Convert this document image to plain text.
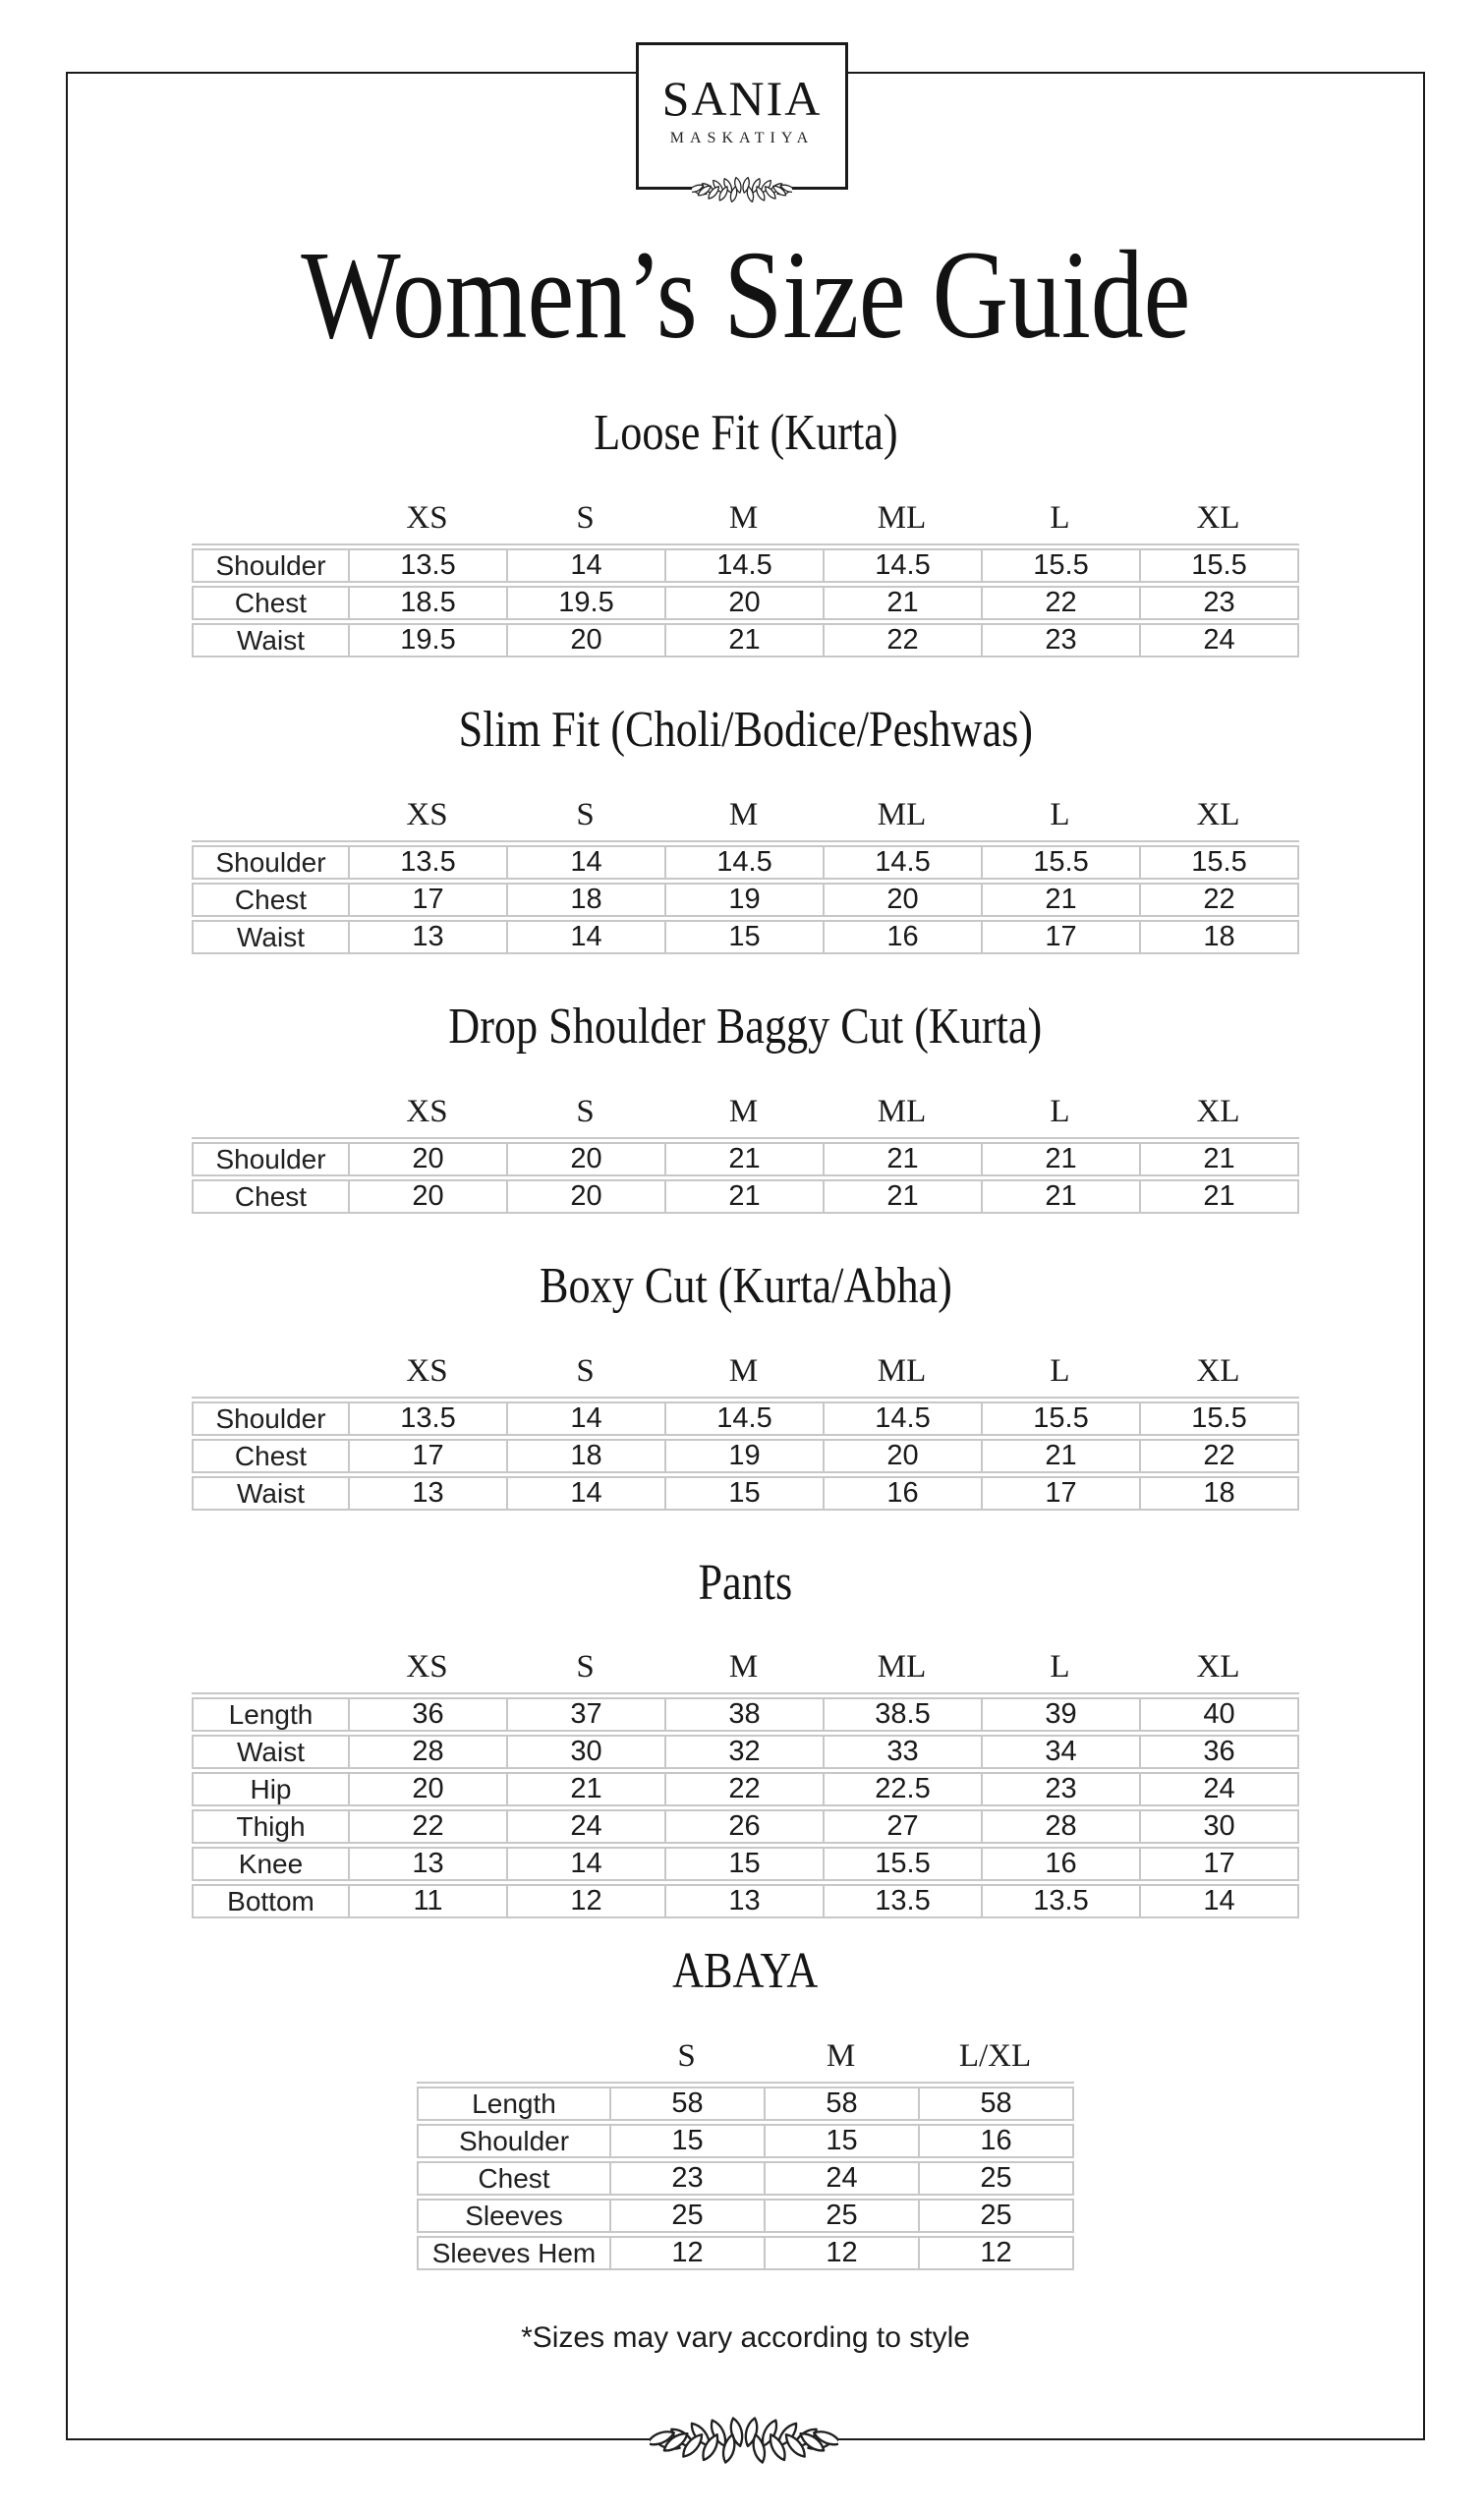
Women’s Size Guide
Loose Fit (Kurta)
XS	S	M	ML	L	XL
Shoulder	13.5	14	14.5	14.5	15.5	15.5
Chest	18.5	19.5	20	21	22	23
Waist	19.5	20	21	22	23	24
Slim Fit (Choli/Bodice/Peshwas)
XS	S	M	ML	L	XL
Shoulder	13.5	14	14.5	14.5	15.5	15.5
Chest	17	18	19	20	21	22
Waist	13	14	15	16	17	18
Drop Shoulder Baggy Cut (Kurta)
XS	S	M	ML	L	XL
Shoulder	20	20	21	21	21	21
Chest	20	20	21	21	21	21
Boxy Cut (Kurta/Abha)
XS	S	M	ML	L	XL
Shoulder	13.5	14	14.5	14.5	15.5	15.5
Chest	17	18	19	20	21	22
Waist	13	14	15	16	17	18
Pants
XS	S	M	ML	L	XL
Length	36	37	38	38.5	39	40
Waist	28	30	32	33	34	36
Hip	20	21	22	22.5	23	24
Thigh	22	24	26	27	28	30
Knee	13	14	15	15.5	16	17
Bottom	11	12	13	13.5	13.5	14
ABAYA
S	M	L/XL
Length	58	58	58
Shoulder	15	15	16
Chest	23	24	25
Sleeves	25	25	25
Sleeves Hem	12	12	12
*Sizes may vary according to style
SANIA
MASKATIYA
